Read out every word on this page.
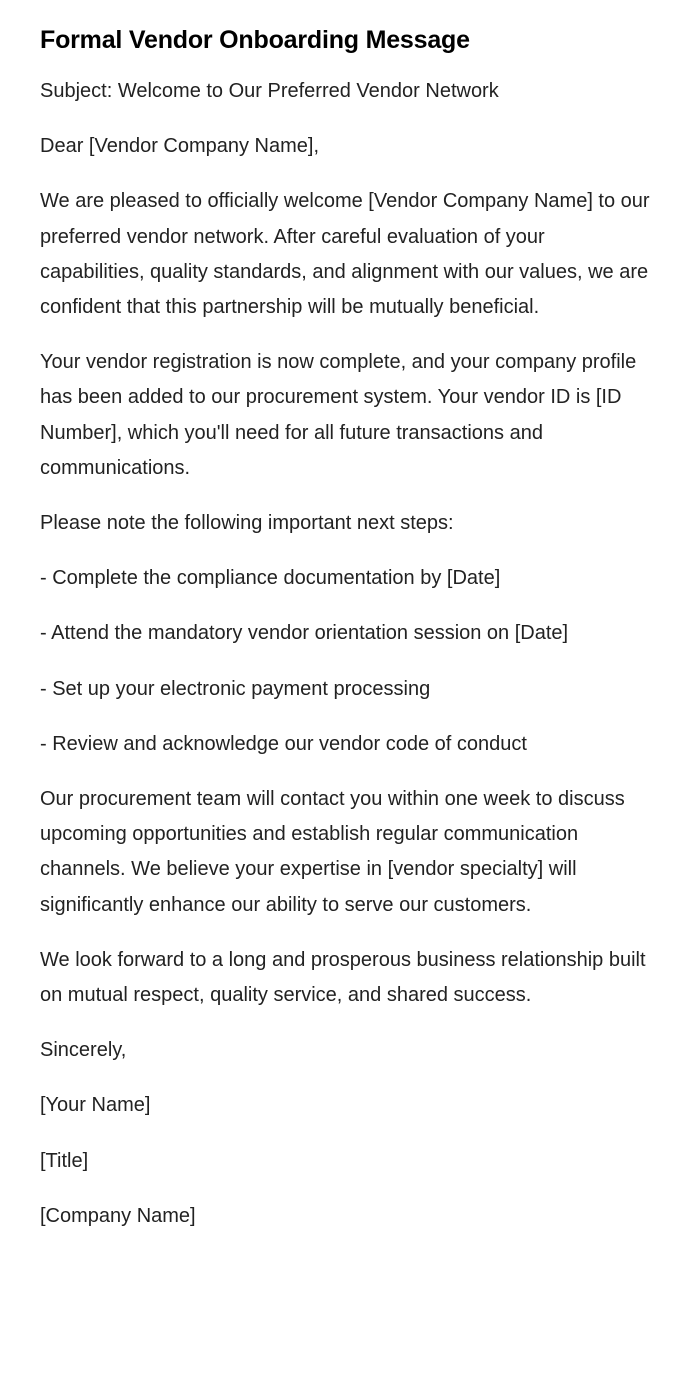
Formal Vendor Onboarding Message

Subject: Welcome to Our Preferred Vendor Network

Dear [Vendor Company Name],

We are pleased to officially welcome [Vendor Company Name] to our preferred vendor network. After careful evaluation of your capabilities, quality standards, and alignment with our values, we are confident that this partnership will be mutually beneficial.

Your vendor registration is now complete, and your company profile has been added to our procurement system. Your vendor ID is [ID Number], which you'll need for all future transactions and communications.

Please note the following important next steps:

- Complete the compliance documentation by [Date]

- Attend the mandatory vendor orientation session on [Date]

- Set up your electronic payment processing

- Review and acknowledge our vendor code of conduct

Our procurement team will contact you within one week to discuss upcoming opportunities and establish regular communication channels. We believe your expertise in [vendor specialty] will significantly enhance our ability to serve our customers.

We look forward to a long and prosperous business relationship built on mutual respect, quality service, and shared success.

Sincerely,

[Your Name]

[Title]

[Company Name]
